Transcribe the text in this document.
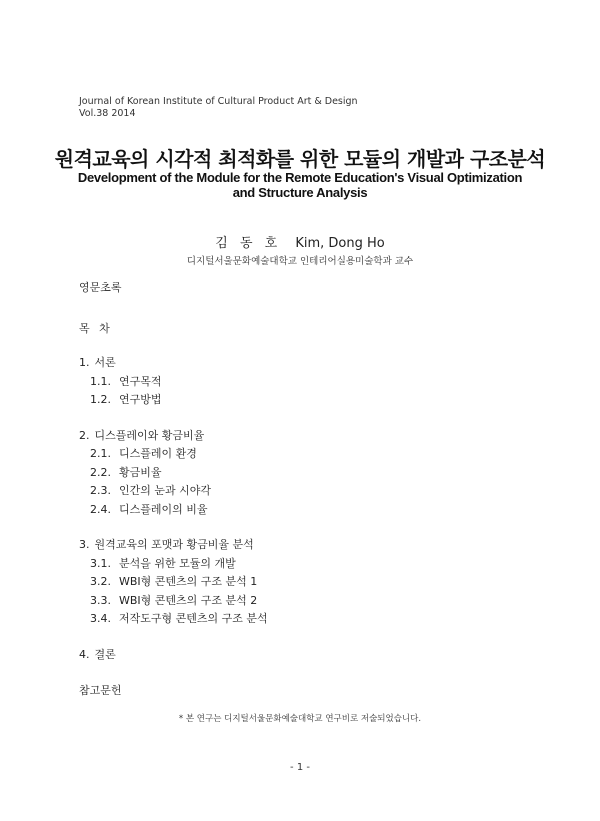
Journal of Korean Institute of Cultural Product Art & Design
Vol.38 2014
원격교육의 시각적 최적화를 위한 모듈의 개발과 구조분석
Development of the Module for the Remote Education's Visual Optimization and Structure Analysis
김 동 호 Kim, Dong Ho
디지털서울문화예술대학교 인테리어실용미술학과 교수
영문초록
목 차
1. 서론
1.1. 연구목적
1.2. 연구방법
2. 디스플레이와 황금비율
2.1. 디스플레이 환경
2.2. 황금비율
2.3. 인간의 눈과 시야각
2.4. 디스플레이의 비율
3. 원격교육의 포맷과 황금비율 분석
3.1. 분석을 위한 모듈의 개발
3.2. WBI형 콘텐츠의 구조 분석 1
3.3. WBI형 콘텐츠의 구조 분석 2
3.4. 저작도구형 콘텐츠의 구조 분석
4. 결론
참고문헌
* 본 연구는 디지털서울문화예술대학교 연구비로 저술되었습니다.
- 1 -
